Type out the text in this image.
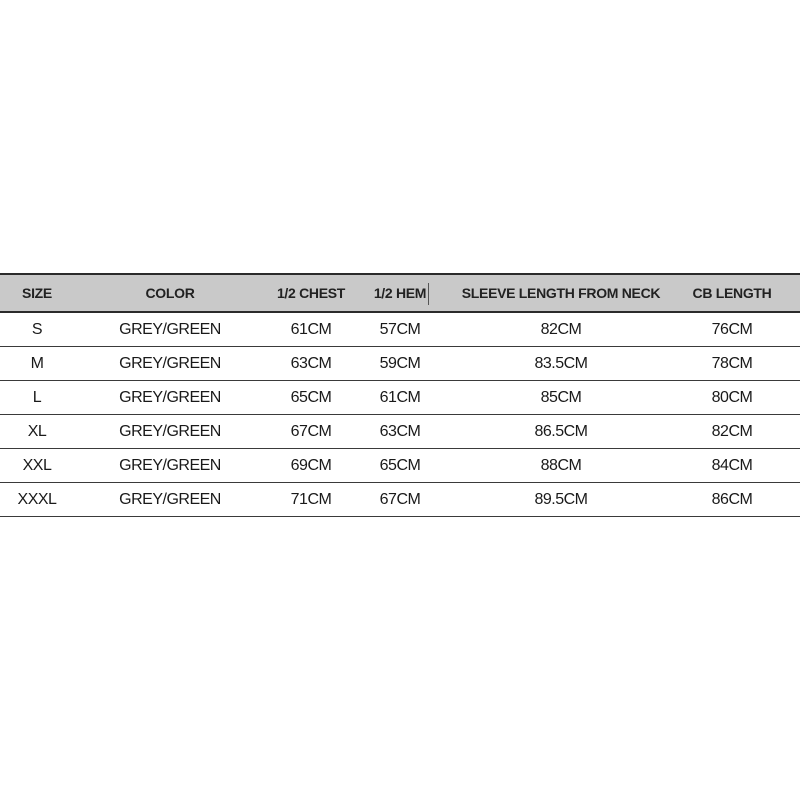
SIZE	COLOR	1/2 CHEST	1/2 HEM	SLEEVE LENGTH FROM NECK	CB LENGTH
S	GREY/GREEN	61CM	57CM	82CM	76CM
M	GREY/GREEN	63CM	59CM	83.5CM	78CM
L	GREY/GREEN	65CM	61CM	85CM	80CM
XL	GREY/GREEN	67CM	63CM	86.5CM	82CM
XXL	GREY/GREEN	69CM	65CM	88CM	84CM
XXXL	GREY/GREEN	71CM	67CM	89.5CM	86CM
